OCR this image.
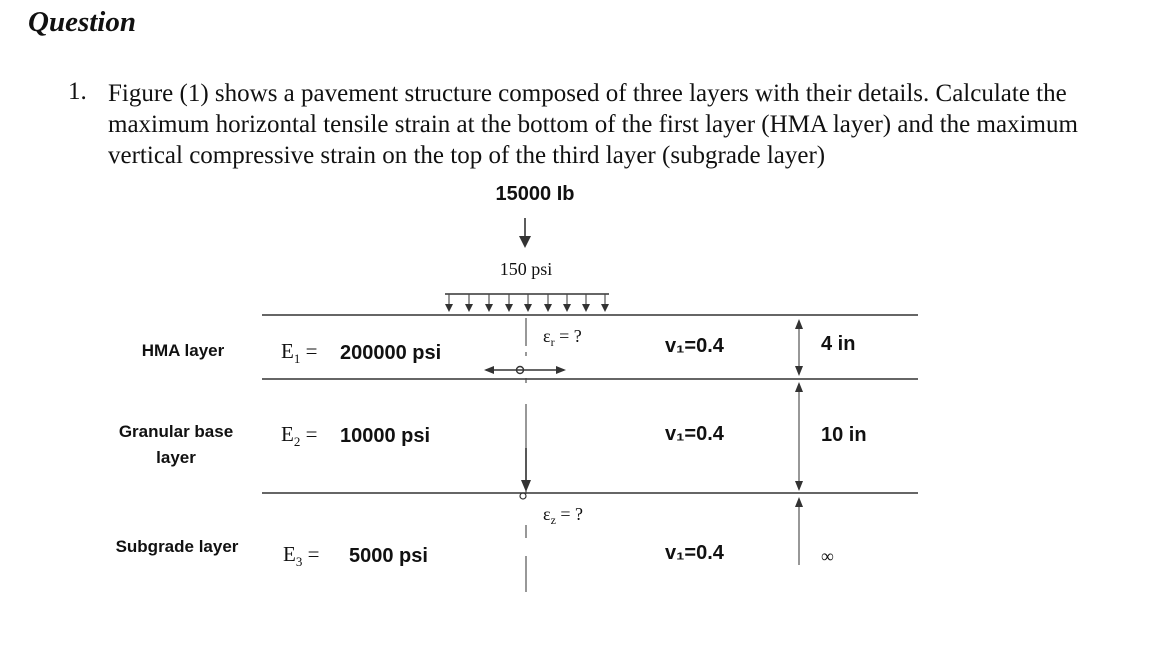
Question
1. Figure (1) shows a pavement structure composed of three layers with their details. Calculate the maximum horizontal tensile strain at the bottom of the first layer (HMA layer) and the maximum vertical compressive strain on the top of the third layer (subgrade layer)
15000 Ib
150 psi
$\varepsilon_r$ = ?
$\varepsilon_z$ = ?
HMA layer	$E_1 = 200000$ psi	v₁=0.4	4 in
Granular base
layer
$E_2 = 10000$ psi	v₁=0.4	10 in
Subgrade layer $E_3 = 5000$ psi	v₁=0.4	∞
